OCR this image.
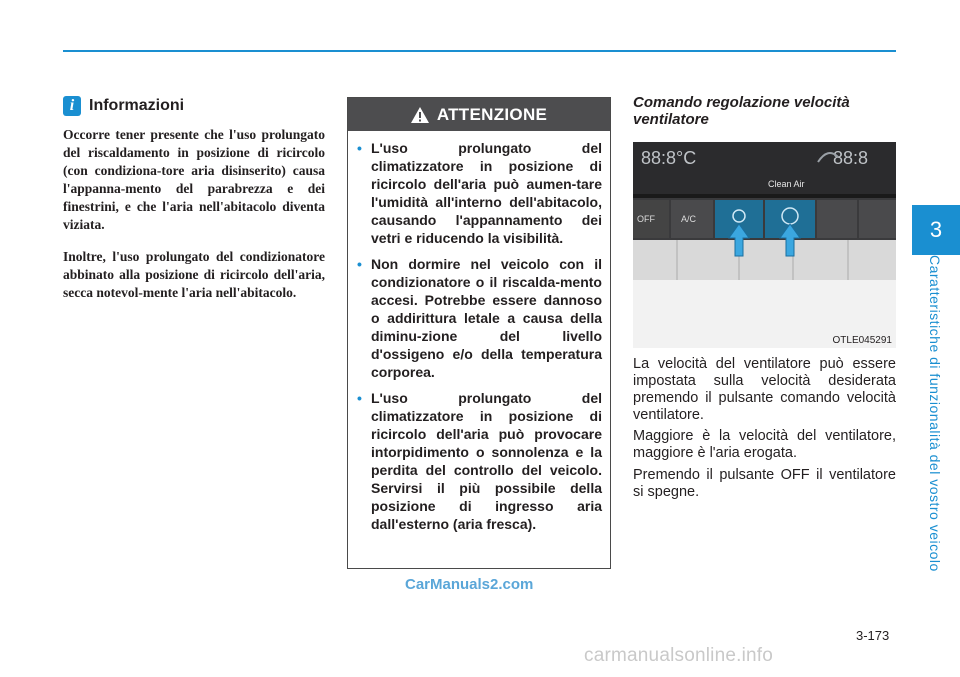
3
Caratteristiche di funzionalità del vostro veicolo
i Informazioni

Occorre tener presente che l'uso prolungato del riscaldamento in posizione di ricircolo (con condiziona-tore aria disinserito) causa l'appanna-mento del parabrezza e dei finestrini, e che l'aria nell'abitacolo diventa viziata.

Inoltre, l'uso prolungato del condizionatore abbinato alla posizione di ricircolo dell'aria, secca notevol-mente l'aria nell'abitacolo.

ATTENZIONE
• L'uso prolungato del climatizzatore in posizione di ricircolo dell'aria può aumen-tare l'umidità all'interno dell'abitacolo, causando l'appannamento dei vetri e riducendo la visibilità.
• Non dormire nel veicolo con il condizionatore o il riscalda-mento accesi. Potrebbe essere dannoso o addirittura letale a causa della diminu-zione del livello d'ossigeno e/o della temperatura corporea.
• L'uso prolungato del climatizzatore in posizione di ricircolo dell'aria può provocare intorpidimento o sonnolenza e la perdita del controllo del veicolo. Servirsi il più possibile della posizione di ingresso aria dall'esterno (aria fresca).
Comando regolazione velocità ventilatore
88:8°C	88:8
Clean Air
OFF	A/C
OTLE045291

La velocità del ventilatore può essere impostata sulla velocità desiderata premendo il pulsante comando velocità ventilatore.

Maggiore è la velocità del ventilatore, maggiore è l'aria erogata.

Premendo il pulsante OFF il ventilatore si spegne.

CarManuals2.com
3-173
carmanualsonline.info
